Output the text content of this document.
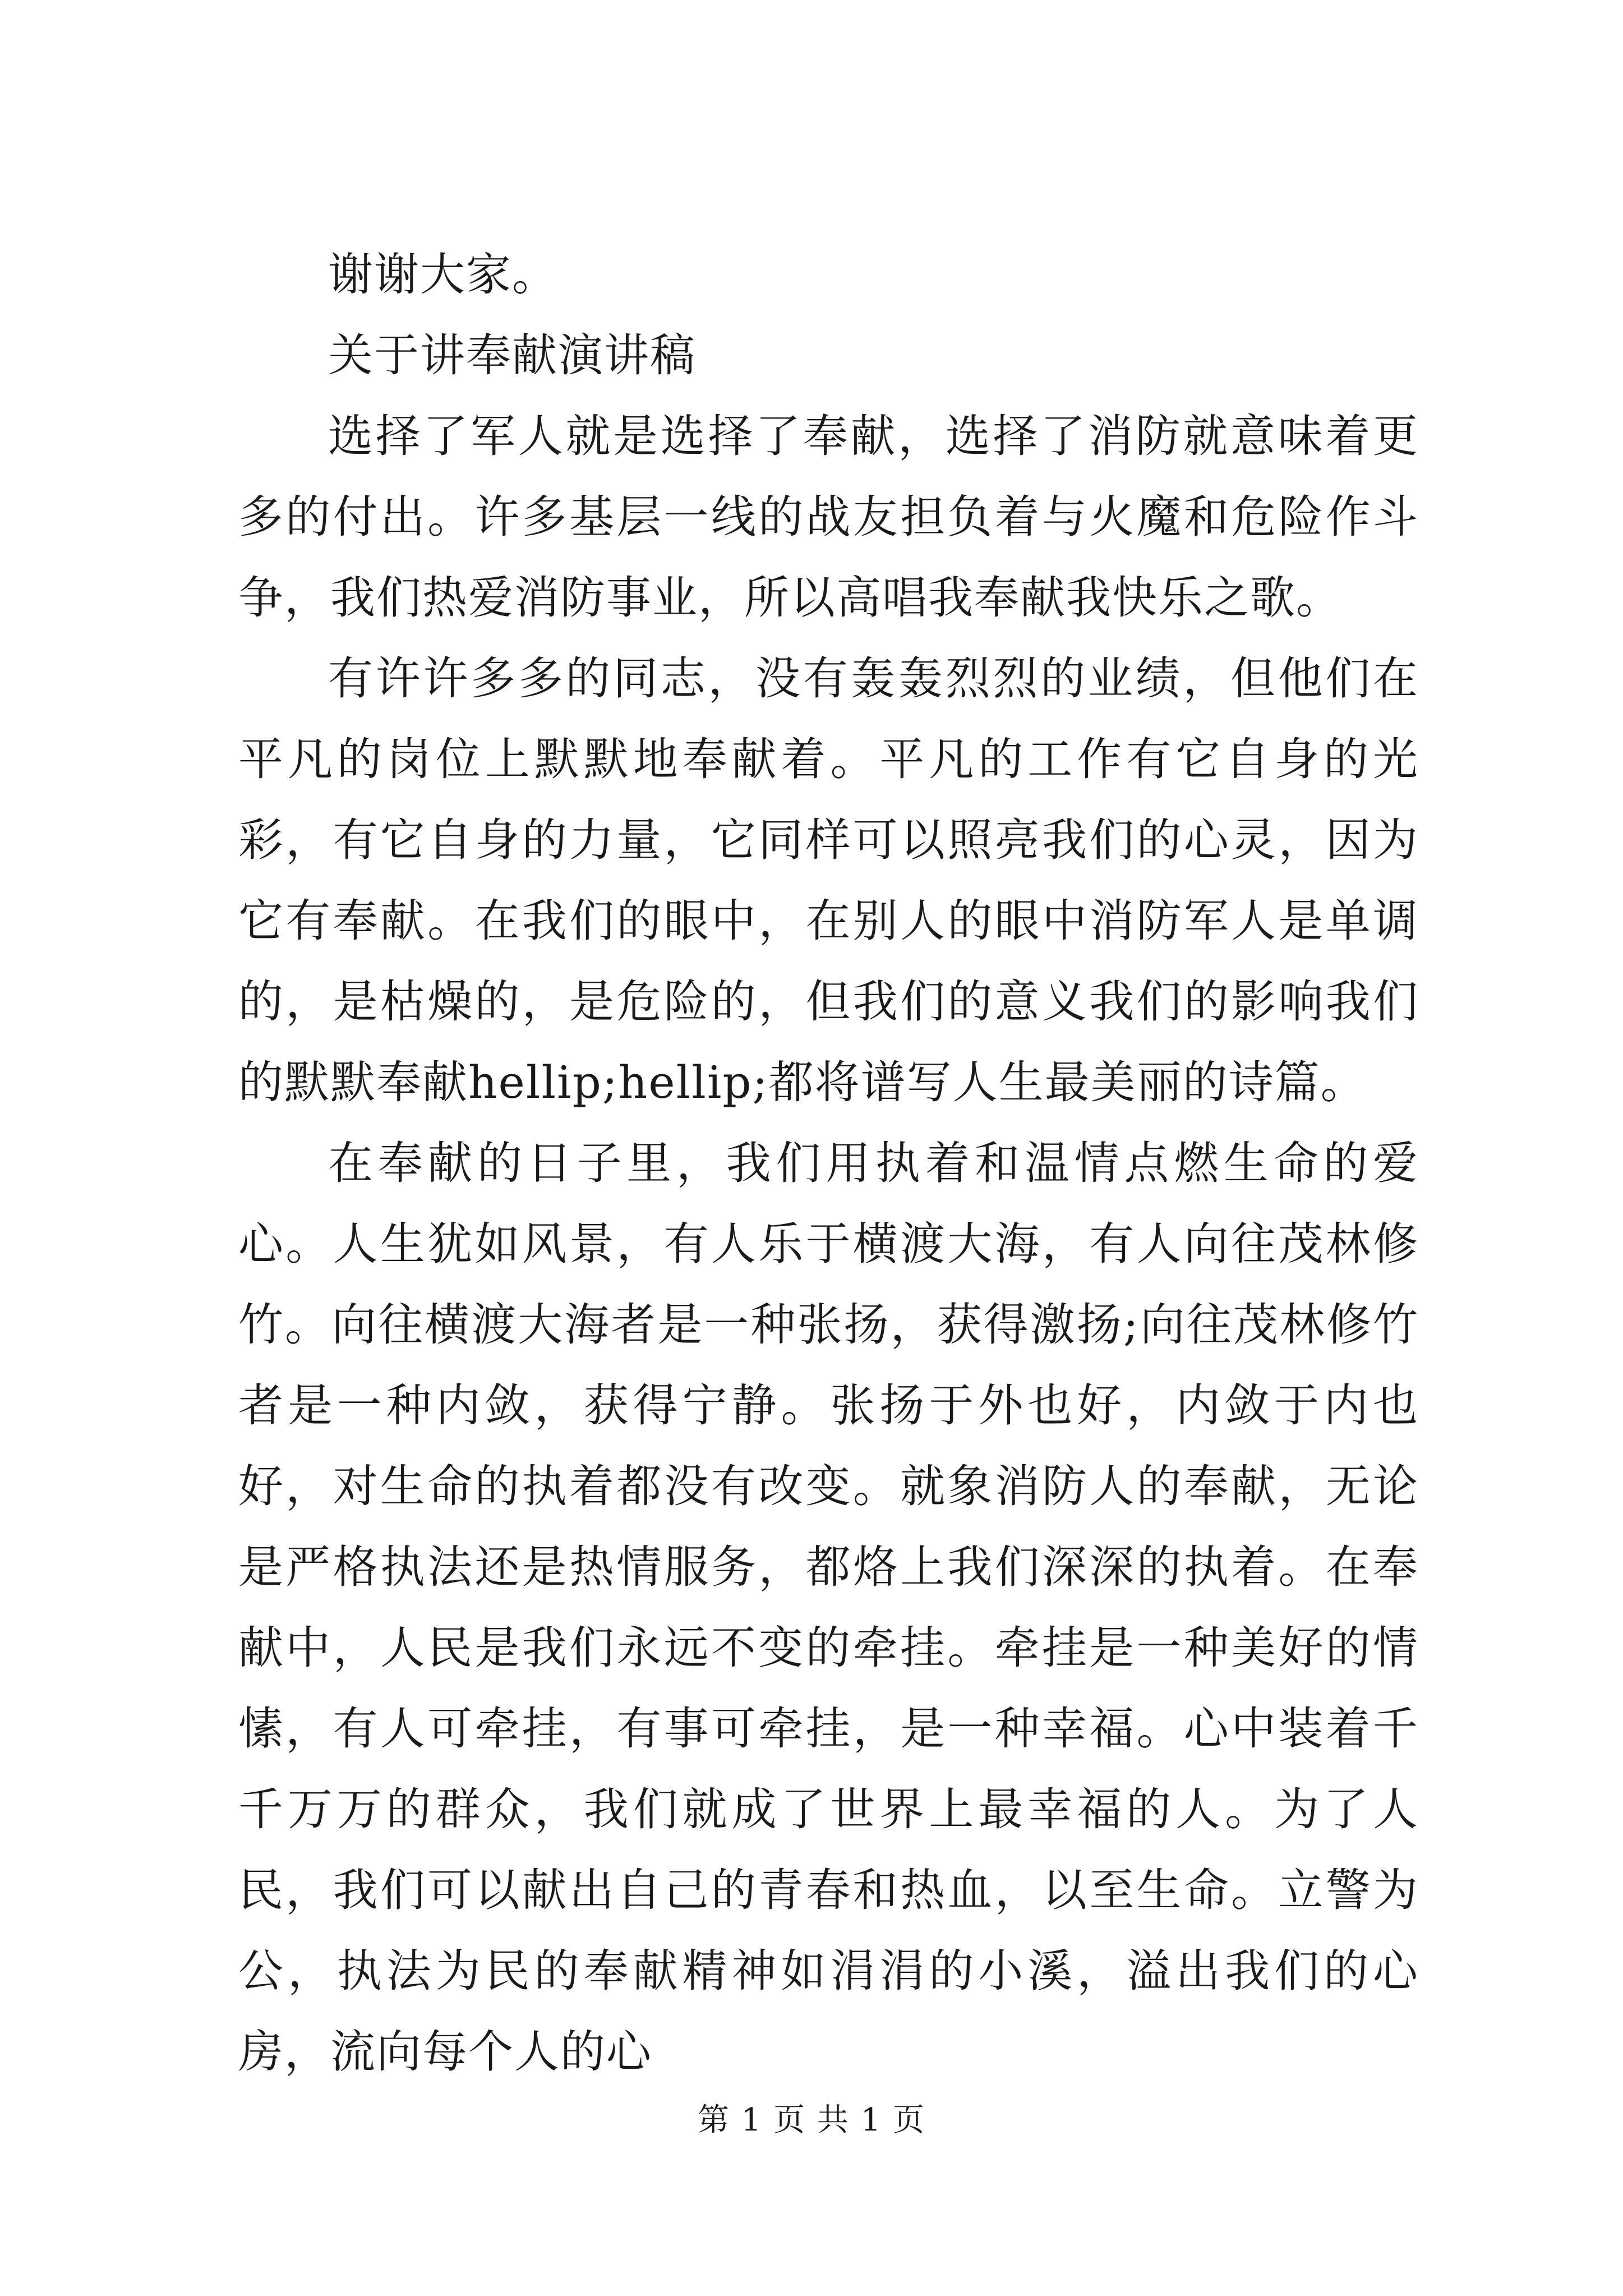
谢谢大家。

关于讲奉献演讲稿

选择了军人就是选择了奉献，选择了消防就意味着更多的付出。许多基层一线的战友担负着与火魔和危险作斗争，我们热爱消防事业，所以高唱我奉献我快乐之歌。

有许许多多的同志，没有轰轰烈烈的业绩，但他们在平凡的岗位上默默地奉献着。平凡的工作有它自身的光彩，有它自身的力量，它同样可以照亮我们的心灵，因为它有奉献。在我们的眼中，在别人的眼中消防军人是单调的，是枯燥的，是危险的，但我们的意义我们的影响我们的默默奉献hellip;hellip;都将谱写人生最美丽的诗篇。

在奉献的日子里，我们用执着和温情点燃生命的爱心。人生犹如风景，有人乐于横渡大海，有人向往茂林修竹。向往横渡大海者是一种张扬，获得激扬;向往茂林修竹者是一种内敛，获得宁静。张扬于外也好，内敛于内也好，对生命的执着都没有改变。就象消防人的奉献，无论是严格执法还是热情服务，都烙上我们深深的执着。在奉献中，人民是我们永远不变的牵挂。牵挂是一种美好的情愫，有人可牵挂，有事可牵挂，是一种幸福。心中装着千千万万的群众，我们就成了世界上最幸福的人。为了人民，我们可以献出自己的青春和热血，以至生命。立警为公，执法为民的奉献精神如涓涓的小溪，溢出我们的心房，流向每个人的心

第 1 页 共 1 页
